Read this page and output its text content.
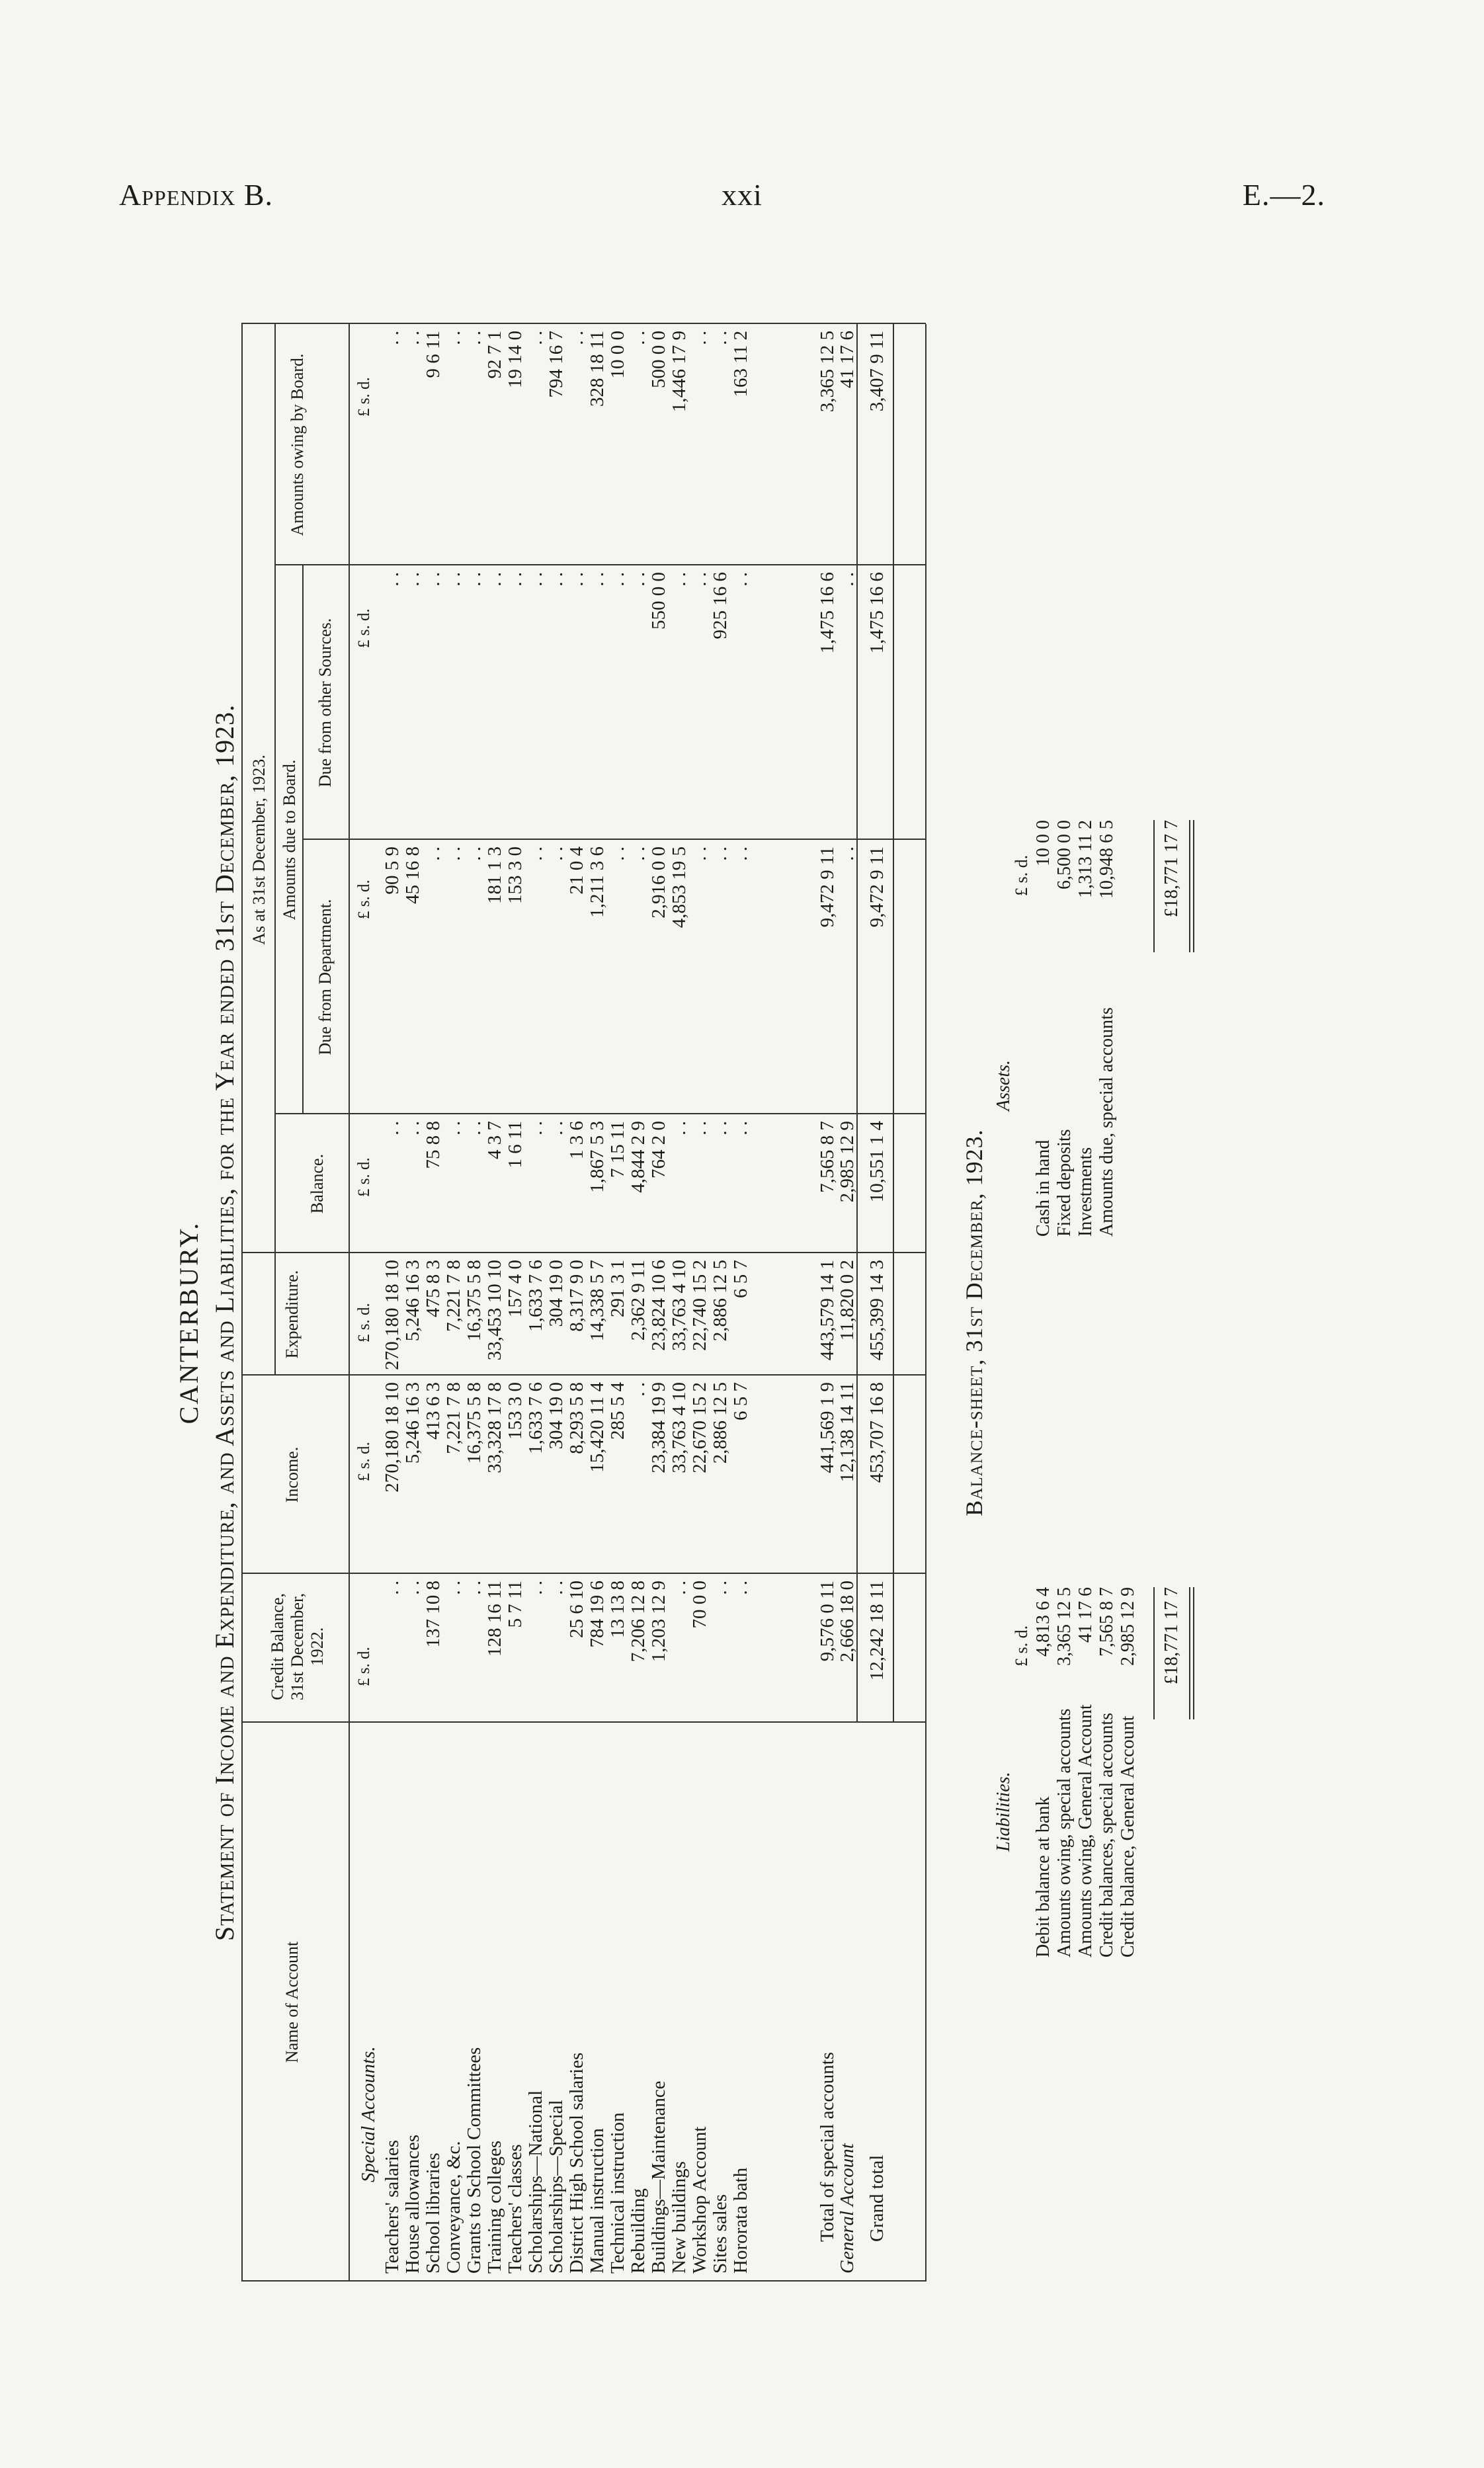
Appendix B.	xxi	E.—2.
CANTERBURY. Statement of Income and Expenditure, and Assets and Liabilities, for the Year ended 31st December, 1923.
Name of Account
Credit Balance, 31st December, 1922.
Income.
Expenditure.
As at 31st December, 1923.
Balance.
Amounts due to Board.
Due from Department.
Due from other Sources.
Amounts owing by Board.
£ s. d.
£ s. d.
£ s. d.
£ s. d.
£ s. d.
£ s. d.
£ s. d.
Special Accounts.
Teachers' salaries
. .
270,180 18 10
270,180 18 10
. .
90 5 9
. .
. .
House allowances
. .
5,246 16 3
5,246 16 3
. .
45 16 8
. .
. .
School libraries
137 10 8
413 6 3
475 8 3
75 8 8
. .
. .
9 6 11
Conveyance, &c.
. .
7,221 7 8
7,221 7 8
. .
. .
. .
. .
Grants to School Committees
. .
16,375 5 8
16,375 5 8
. .
. .
. .
. .
Training colleges
128 16 11
33,328 17 8
33,453 10 10
4 3 7
181 1 3
. .
92 7 1
Teachers' classes
5 7 11
153 3 0
157 4 0
1 6 11
153 3 0
. .
19 14 0
Scholarships—National
. .
1,633 7 6
1,633 7 6
. .
. .
. .
. .
Scholarships—Special
. .
304 19 0
304 19 0
. .
. .
. .
794 16 7
District High School salaries
25 6 10
8,293 5 8
8,317 9 0
1 3 6
21 0 4
. .
. .
Manual instruction
784 19 6
15,420 11 4
14,338 5 7
1,867 5 3
1,211 3 6
. .
328 18 11
Technical instruction
13 13 8
285 5 4
291 3 1
7 15 11
. .
. .
10 0 0
Rebuilding
7,206 12 8
. .
2,362 9 11
4,844 2 9
. .
. .
. .
Buildings—Maintenance
1,203 12 9
23,384 19 9
23,824 10 6
764 2 0
2,916 0 0
550 0 0
500 0 0
New buildings
. .
33,763 4 10
33,763 4 10
. .
4,853 19 5
. .
1,446 17 9
Workshop Account
70 0 0
22,670 15 2
22,740 15 2
. .
. .
. .
. .
Sites sales
. .
2,886 12 5
2,886 12 5
. .
. .
925 16 6
. .
Hororata bath
. .
6 5 7
6 5 7
. .
. .
. .
163 11 2
Total of special accounts
9,576 0 11
441,569 1 9
443,579 14 1
7,565 8 7
9,472 9 11
1,475 16 6
3,365 12 5
General Account
2,666 18 0
12,138 14 11
11,820 0 2
2,985 12 9
. .
. .
41 17 6
Grand total
12,242 18 11
453,707 16 8
455,399 14 3
10,551 1 4
9,472 9 11
1,475 16 6
3,407 9 11
Balance-sheet, 31st December, 1923.
Liabilities.
Assets.
£ s. d.
£ s. d.
Debit balance at bank
4,813 6 4
Amounts owing, special accounts
3,365 12 5
Amounts owing, General Account
41 17 6
Credit balances, special accounts
7,565 8 7
Credit balance, General Account
2,985 12 9
Cash in hand
10 0 0
Fixed deposits
6,500 0 0
Investments
1,313 11 2
Amounts due, special accounts
10,948 6 5
£18,771 17 7
£18,771 17 7
